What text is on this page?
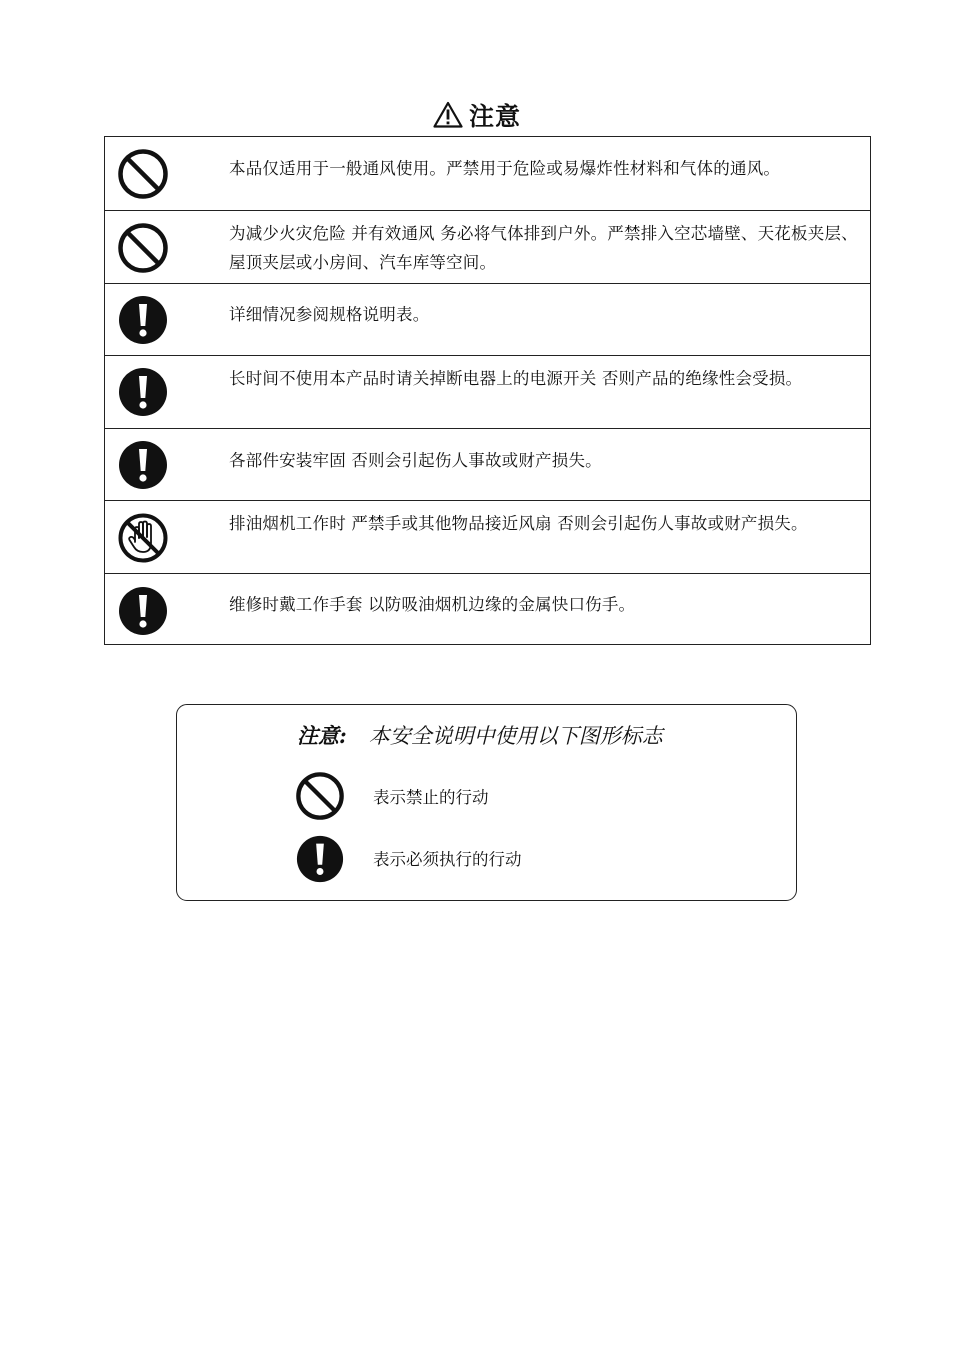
注意
本品仅适用于一般通风使用。严禁用于危险或易爆炸性材料和气体的通风。
为减少火灾危险 并有效通风 务必将气体排到户外。严禁排入空芯墙壁、天花板夹层、屋顶夹层或小房间、汽车库等空间。
详细情况参阅规格说明表。
长时间不使用本产品时请关掉断电器上的电源开关 否则产品的绝缘性会受损。
各部件安装牢固 否则会引起伤人事故或财产损失。
排油烟机工作时 严禁手或其他物品接近风扇 否则会引起伤人事故或财产损失。
维修时戴工作手套 以防吸油烟机边缘的金属快口伤手。
注意: 本安全说明中使用以下图形标志
表示禁止的行动
表示必须执行的行动
